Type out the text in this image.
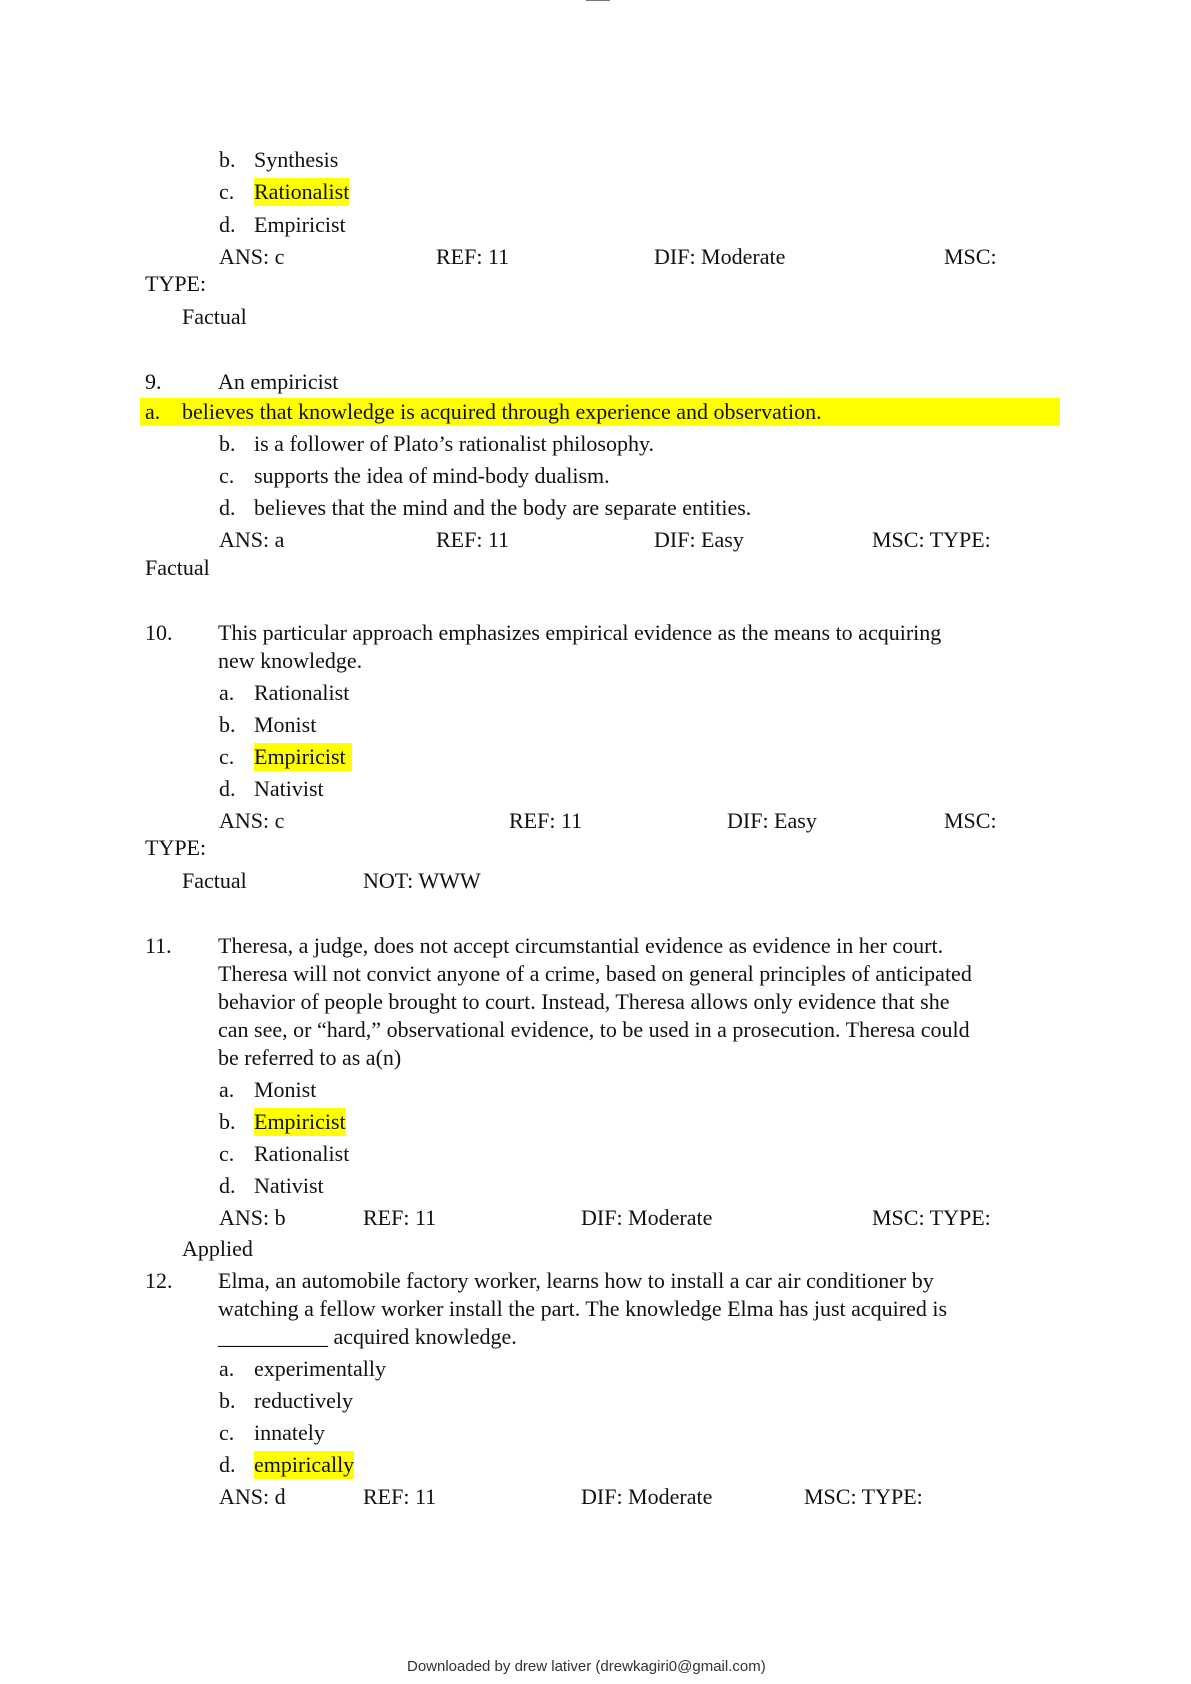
b. Synthesis
c. Rationalist
d. Empiricist
ANS: c	REF: 11	DIF: Moderate	MSC:
TYPE:
Factual
9.	An empiricist
a. believes that knowledge is acquired through experience and observation.
b. is a follower of Plato’s rationalist philosophy.
c. supports the idea of mind-body dualism.
d. believes that the mind and the body are separate entities.
ANS: a	REF: 11	DIF: Easy	MSC: TYPE:
Factual
10. This particular approach emphasizes empirical evidence as the means to acquiring
new knowledge.
a. Rationalist
b. Monist
c. Empiricist
d. Nativist
ANS: c	REF: 11	DIF: Easy	MSC:
TYPE:
Factual	NOT: WWW
11. Theresa, a judge, does not accept circumstantial evidence as evidence in her court.
Theresa will not convict anyone of a crime, based on general principles of anticipated
behavior of people brought to court. Instead, Theresa allows only evidence that she
can see, or “hard,” observational evidence, to be used in a prosecution. Theresa could
be referred to as a(n)
a. Monist
b. Empiricist
c. Rationalist
d. Nativist
ANS: b	REF: 11	DIF: Moderate	MSC: TYPE:
Applied
12. Elma, an automobile factory worker, learns how to install a car air conditioner by
watching a fellow worker install the part. The knowledge Elma has just acquired is
__________ acquired knowledge.
a. experimentally
b. reductively
c. innately
d. empirically
ANS: d	REF: 11	DIF: Moderate	MSC: TYPE:
Downloaded by drew lativer (drewkagiri0@gmail.com)
